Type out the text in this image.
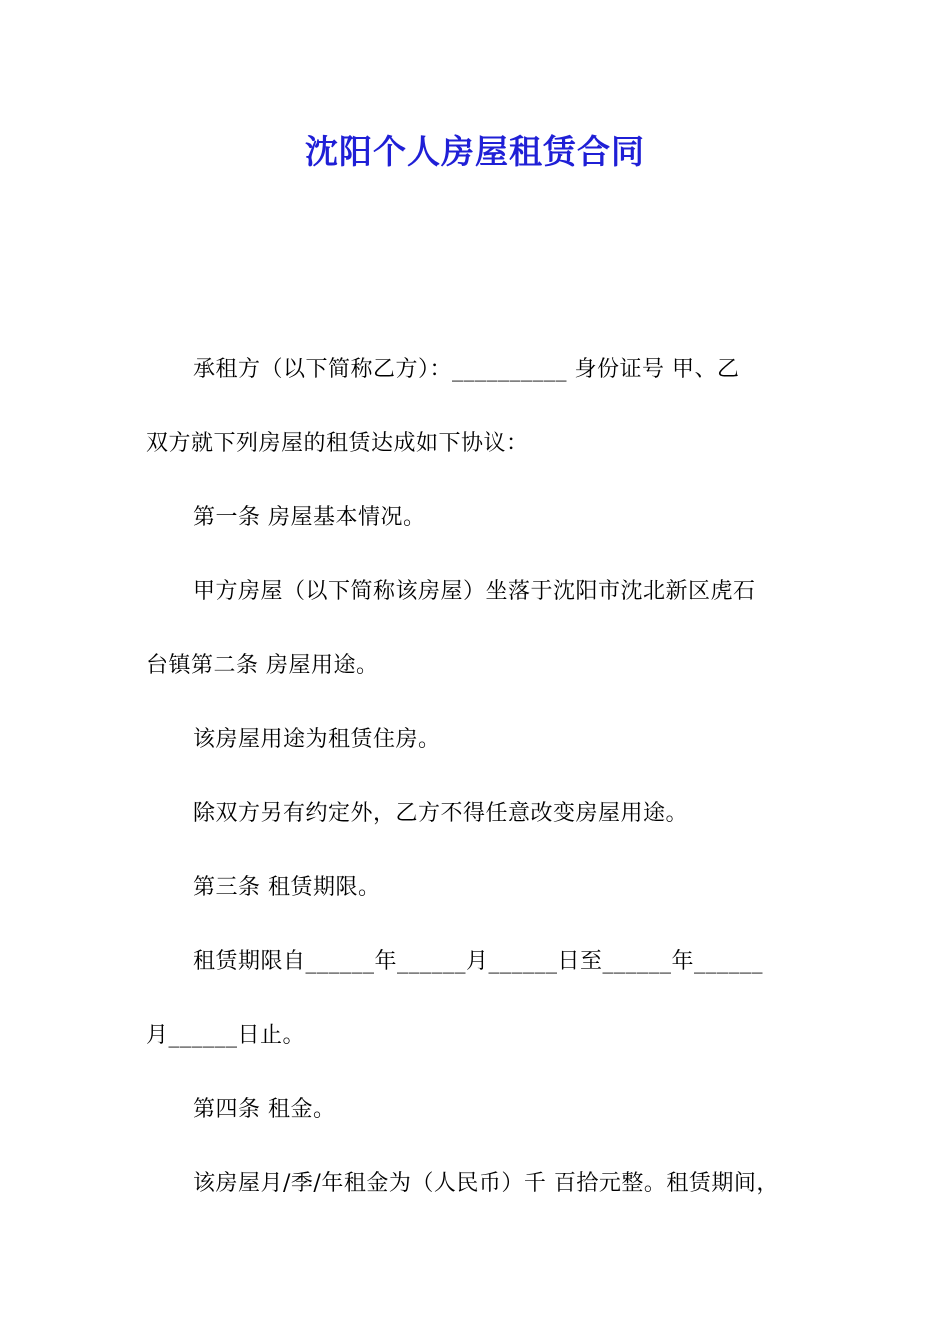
沈阳个人房屋租赁合同

承租方（以下简称乙方）：__________ 身份证号 甲、乙

双方就下列房屋的租赁达成如下协议：

第一条 房屋基本情况。

甲方房屋（以下简称该房屋）坐落于沈阳市沈北新区虎石

台镇第二条 房屋用途。

该房屋用途为租赁住房。

除双方另有约定外，乙方不得任意改变房屋用途。

第三条 租赁期限。

租赁期限自______年______月______日至______年______

月______日止。

第四条 租金。

该房屋月/季/年租金为（人民币）千 百拾元整。租赁期间，
